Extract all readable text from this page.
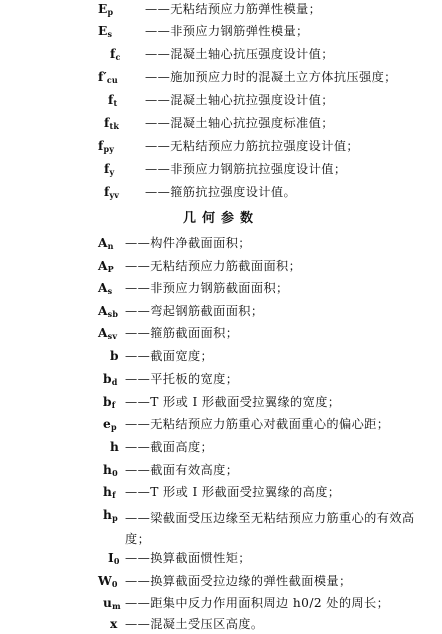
$E_p$	——无粘结预应力筋弹性模量；
$E_s$	——非预应力钢筋弹性模量；
$f_c$	——混凝土轴心抗压强度设计值；
$f'_{cu}$	——施加预应力时的混凝土立方体抗压强度；
$f_t$	——混凝土轴心抗拉强度设计值；
$f_{tk}$	——混凝土轴心抗拉强度标准值；
$f_{py}$	——无粘结预应力筋抗拉强度设计值；
$f_y$	——非预应力钢筋抗拉强度设计值；
$f_{yv}$	——箍筋抗拉强度设计值。
几何参数
$A_n$ ——构件净截面面积；
$A_P$ ——无粘结预应力筋截面面积；
$A_s$	——非预应力钢筋截面面积；
$A_{sb}$ ——弯起钢筋截面面积；
$A_{sv}$ ——箍筋截面面积；
b ——截面宽度；
$b_d$ ——平托板的宽度；
$b_f$ ——T 形或 I 形截面受拉翼缘的宽度；
$e_p$ ——无粘结预应力筋重心对截面重心的偏心距；
h ——截面高度；
$h_0$ ——截面有效高度；
$h_f$ ——T 形或 I 形截面受拉翼缘的高度；
$h_p$ ——梁截面受压边缘至无粘结预应力筋重心的有效高度；
$I_0$ ——换算截面惯性矩；
$W_0$ ——换算截面受拉边缘的弹性截面模量；
$u_m$ ——距集中反力作用面积周边 h0/2 处的周长；
x ——混凝土受压区高度。
